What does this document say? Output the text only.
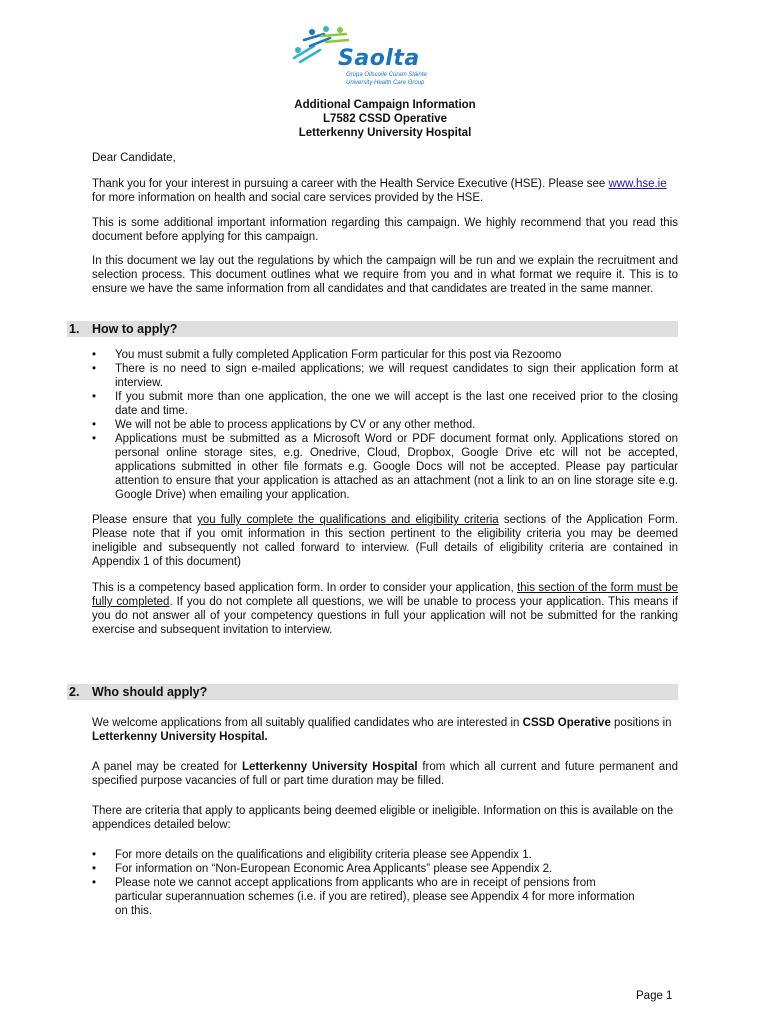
Saolta
Grúpa Ollscoile Cúram Sláinte
University Health Care Group
Additional Campaign Information
L7582 CSSD Operative
Letterkenny University Hospital
Dear Candidate,
Thank you for your interest in pursuing a career with the Health Service Executive (HSE). Please see www.hse.ie for more information on health and social care services provided by the HSE.
This is some additional important information regarding this campaign. We highly recommend that you read this document before applying for this campaign.
In this document we lay out the regulations by which the campaign will be run and we explain the recruitment and selection process. This document outlines what we require from you and in what format we require it. This is to ensure we have the same information from all candidates and that candidates are treated in the same manner.
1. How to apply?
• You must submit a fully completed Application Form particular for this post via Rezoomo
• There is no need to sign e-mailed applications; we will request candidates to sign their application form at interview.
• If you submit more than one application, the one we will accept is the last one received prior to the closing date and time.
• We will not be able to process applications by CV or any other method.
• Applications must be submitted as a Microsoft Word or PDF document format only. Applications stored on personal online storage sites, e.g. Onedrive, Cloud, Dropbox, Google Drive etc will not be accepted, applications submitted in other file formats e.g. Google Docs will not be accepted. Please pay particular attention to ensure that your application is attached as an attachment (not a link to an on line storage site e.g. Google Drive) when emailing your application.
Please ensure that you fully complete the qualifications and eligibility criteria sections of the Application Form. Please note that if you omit information in this section pertinent to the eligibility criteria you may be deemed ineligible and subsequently not called forward to interview. (Full details of eligibility criteria are contained in Appendix 1 of this document)
This is a competency based application form. In order to consider your application, this section of the form must be fully completed. If you do not complete all questions, we will be unable to process your application. This means if you do not answer all of your competency questions in full your application will not be submitted for the ranking exercise and subsequent invitation to interview.
2. Who should apply?
We welcome applications from all suitably qualified candidates who are interested in CSSD Operative positions in Letterkenny University Hospital.
A panel may be created for Letterkenny University Hospital from which all current and future permanent and specified purpose vacancies of full or part time duration may be filled.
There are criteria that apply to applicants being deemed eligible or ineligible. Information on this is available on the appendices detailed below:
• For more details on the qualifications and eligibility criteria please see Appendix 1.
• For information on “Non-European Economic Area Applicants” please see Appendix 2.
• Please note we cannot accept applications from applicants who are in receipt of pensions from particular superannuation schemes (i.e. if you are retired), please see Appendix 4 for more information on this.
Page 1
